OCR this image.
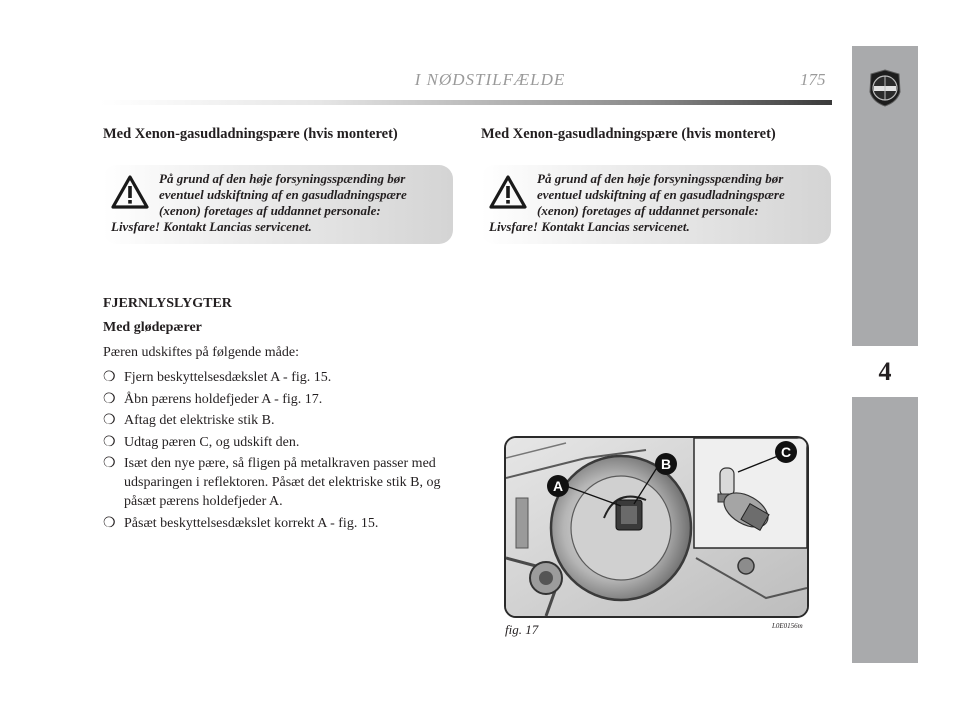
I NØDSTILFÆLDE	175
4
Med Xenon-gasudladningspære (hvis monteret)
På grund af den høje forsyningsspænding bør
eventuel udskiftning af en gasudladningspære
(xenon) foretages af uddannet personale:
Livsfare! Kontakt Lancias servicenet.
FJERNLYSLYGTER
Med glødepærer
Pæren udskiftes på følgende måde:
❍ Fjern beskyttelsesdækslet A - fig. 15.
❍ Åbn pærens holdefjeder A - fig. 17.
❍ Aftag det elektriske stik B.
❍ Udtag pæren C, og udskift den.
❍ Isæt den nye pære, så fligen på metalkraven passer med udsparingen i reflektoren. Påsæt det elektriske stik B, og påsæt pærens holdefjeder A.
❍ Påsæt beskyttelsesdækslet korrekt A - fig. 15.
Med Xenon-gasudladningspære (hvis monteret)
På grund af den høje forsyningsspænding bør
eventuel udskiftning af en gasudladningspære
(xenon) foretages af uddannet personale:
Livsfare! Kontakt Lancias servicenet.
A
B
C
fig. 17	L0E0156m
